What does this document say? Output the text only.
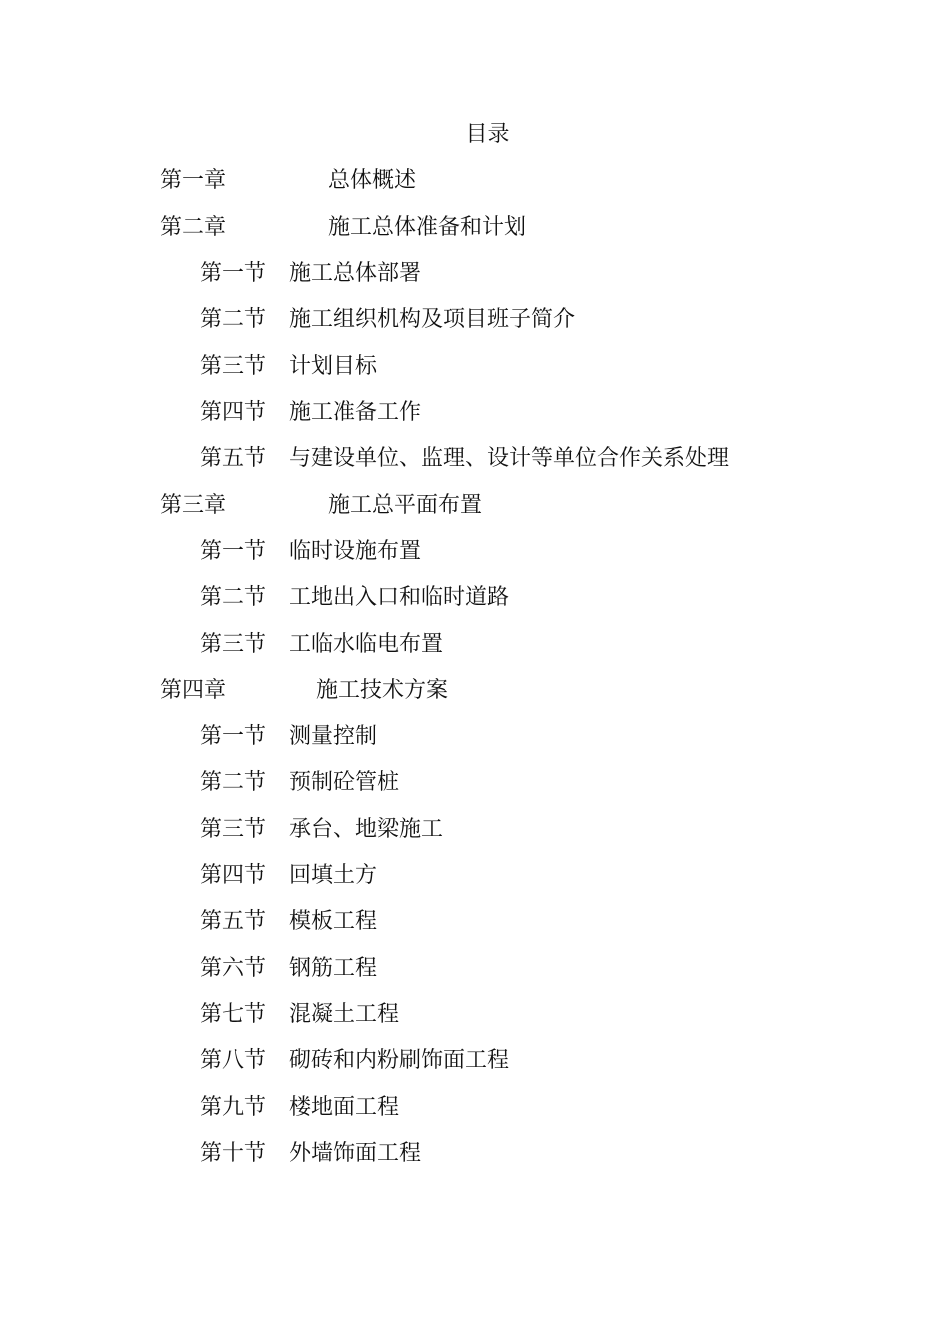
目录
第一章	总体概述
第二章	施工总体准备和计划
第一节 施工总体部署
第二节 施工组织机构及项目班子简介
第三节 计划目标
第四节 施工准备工作
第五节 与建设单位、监理、设计等单位合作关系处理
第三章	施工总平面布置
第一节 临时设施布置
第二节 工地出入口和临时道路
第三节 工临水临电布置
第四章	施工技术方案
第一节 测量控制
第二节 预制砼管桩
第三节 承台、地梁施工
第四节 回填土方
第五节 模板工程
第六节 钢筋工程
第七节 混凝土工程
第八节 砌砖和内粉刷饰面工程
第九节 楼地面工程
第十节 外墙饰面工程
